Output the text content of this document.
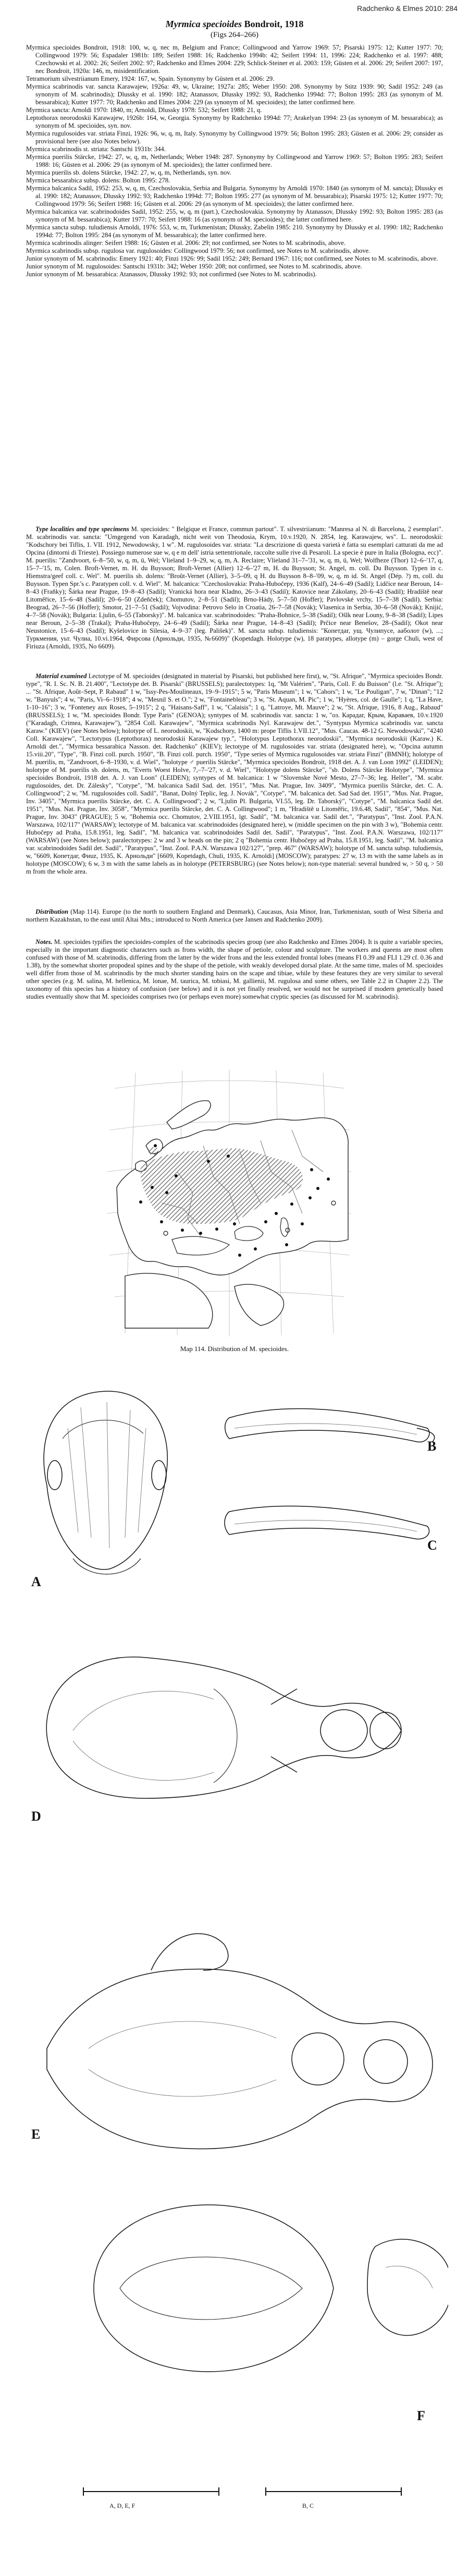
Radchenko & Elmes 2010: 284
Myrmica specioides Bondroit, 1918
(Figs 264–266)

Myrmica specioides Bondroit, 1918: 100, w, q, nec m, Belgium and France; Collingwood and Yarrow 1969: 57; Pisarski 1975: 12; Kutter 1977: 70; Collingwood 1979: 56; Espadaler 1981b: 189; Seifert 1988: 16; Radchenko 1994b: 42; Seifert 1994: 11, 1996: 224; Radchenko et al. 1997: 488; Czechowski et al. 2002: 26; Seifert 2002: 97; Radchenko and Elmes 2004: 229; Schlick-Steiner et al. 2003: 159; Güsten et al. 2006: 29; Seifert 2007: 197, nec Bondroit, 1920a: 146, m, misidentification.

Tetramorium silvestriianum Emery, 1924: 167, w, Spain. Synonymy by Güsten et al. 2006: 29.

Myrmica scabrinodis var. sancta Karawajew, 1926a: 49, w, Ukraine; 1927a: 285; Weber 1950: 208. Synonymy by Stitz 1939: 90; Sadil 1952: 249 (as synonym of M. scabrinodis); Dlussky et al. 1990: 182; Atanassov, Dlussky 1992: 93, Radchenko 1994d: 77; Bolton 1995: 283 (as synonym of M. bessarabica); Kutter 1977: 70; Radchenko and Elmes 2004: 229 (as synonym of M. specioides); the latter confirmed here.

Myrmica sancta: Arnoldi 1970: 1840, m; Arnoldi, Dlussky 1978: 532; Seifert 1988: 21, q.

Leptothorax neorodoskii Karawajew, 1926b: 164, w, Georgia. Synonymy by Radchenko 1994d: 77; Arakelyan 1994: 23 (as synonym of M. bessarabica); as synonym of M. specioides, syn. nov.

Myrmica rugulosoides var. striata Finzi, 1926: 96, w, q, m, Italy. Synonymy by Collingwood 1979: 56; Bolton 1995: 283; Güsten et al. 2006: 29; consider as provisional here (see also Notes below).

Myrmica scabrinodis st. striata: Santschi 1931b: 344.

Myrmica puerilis Stärcke, 1942: 27, w, q, m, Netherlands; Weber 1948: 287. Synonymy by Collingwood and Yarrow 1969: 57; Bolton 1995: 283; Seifert 1988: 16; Güsten et al. 2006: 29 (as synonym of M. specioides); the latter confirmed here.

Myrmica puerilis sb. dolens Stärcke, 1942: 27, w, q, m, Netherlands, syn. nov.

Myrmica bessarabica subsp. dolens: Bolton 1995: 278.

Myrmica balcanica Sadil, 1952: 253, w, q, m, Czechoslovakia, Serbia and Bulgaria. Synonymy by Arnoldi 1970: 1840 (as synonym of M. sancta); Dlussky et al. 1990: 182; Atanassov, Dlussky 1992: 93; Radchenko 1994d: 77; Bolton 1995: 277 (as synonym of M. bessarabica); Pisarski 1975: 12; Kutter 1977: 70; Collingwood 1979: 56; Seifert 1988: 16; Güsten et al. 2006: 29 (as synonym of M. specioides); the latter confirmed here.

Myrmica balcanica var. scabrinodoides Sadil, 1952: 255, w, q, m (part.), Czechoslovakia. Synonymy by Atanassov, Dlussky 1992: 93; Bolton 1995: 283 (as synonym of M. bessarabica); Kutter 1977: 70; Seifert 1988: 16 (as synonym of M. specioides); the latter confirmed here.

Myrmica sancta subsp. tuludiensis Arnoldi, 1976: 553, w, m, Turkmenistan; Dlussky, Zabelin 1985: 210. Synonymy by Dlussky et al. 1990: 182; Radchenko 1994d: 77; Bolton 1995: 284 (as synonym of M. bessarabica); the latter confirmed here.

Myrmica scabrinodis alinger: Seifert 1988: 16; Güsten et al. 2006: 29; not confirmed, see Notes to M. scabrinodis, above.

Myrmica scabrinodis subsp. rugulosa var. rugulosoides: Collingwood 1979: 56; not confirmed, see Notes to M. scabrinodis, above.

Junior synonym of M. scabrinodis: Emery 1921: 40; Finzi 1926: 99; Sadil 1952: 249; Bernard 1967: 116; not confirmed, see Notes to M. scabrinodis, above.

Junior synonym of M. rugulosoides: Santschi 1931b: 342; Weber 1950: 208; not confirmed, see Notes to M. scabrinodis, above.

Junior synonym of M. bessarabica: Atanassov, Dlussky 1992: 93; not confirmed (see Notes to M. scabrinodis).

Type localities and type specimens M. specioides: " Belgique et France, commun partout". T. silvestriianum: "Manresa al N. di Barcelona, 2 esemplari". M. scabrinodis var. sancta: "Umgegend von Karadagh, nicht weit von Theodosia, Krym, 10.v.1920, N. 2854, leg. Karawajew, ws". L. neorodoskii: "Kodschory bei Tiflis, 1. VII. 1912, Newodowsky, 1 w". M. rugulosoides var. striata: "La descrizione di questa varietà è fatta su esemplari catturati da me ad Opcina (dintorni di Trieste). Possiego numerose sue w, q e m dell' istria settentrionale, raccolte sulle rive di Pesaroli. La specie è pure in Italia (Bologna, ecc)". M. puerilis: "Zandvoort, 6–8–'50, w, q, m, ü, Wel; Vlieland 1–9–29, w, q, m, A. Reclaire; Vlieland 31–7–'31, w, q, m, ü, Wel; Wolfheze (Thor) 12–6–'17, q, 15–7–'15, m, Colen. Broft-Vernet, m. H. du Buysson; Broft-Vernet (Allier) 12–6–'27 m, H. du Buysson; St. Angel, m. coll. Du Buysson. Typen in c. Hiemstra/geef coll. c. Wel". M. puerilis sb. dolens: "Broût-Vernet (Allier), 3–5–09, q H. du Buysson 8–8–'09, w, q, m id. St. Angel (Dép. ?) m, coll. du Buysson. Typen Spr.'s c. Paratypen coll. v. d. Wiel". M. balcanica: "Czechoslovakia: Praha-Hubočepy, 1936 (Kalf), 24–6–49 (Sadil); Lidčice near Beroun, 14–8–43 (Fraňky); Šárka near Prague, 19–8–43 (Sadil); Vranická hora near Kladno, 26–3–43 (Sadil); Katovice near Zákolany, 20–6–43 (Sadil); Hradiště near Litoměřice, 15–6–48 (Sadil); 20–6–50 (Zdeňček); Chomutov, 2–8–51 (Sadil); Brno-Hády, 5–7–50 (Hoffer); Pavlovské vrchy, 15–7–38 (Sadil). Serbia: Beograd, 26–7–56 (Hoffer); Smotor, 21–7–51 (Sadil); Vojvodina: Petrovo Selo in Croatia, 26–7–58 (Novák); Vlasenica in Serbia, 30–6–58 (Novák); Knijić, 4–7–58 (Novák); Bulgaria: Ljulin, 6–55 (Taborsky)". M. balcanica var. scabrinodoides: "Praha-Bohnice, 5–38 (Sadil); Ošlk near Louny, 9–8–38 (Sadil); Lipes near Beroun, 2–5–38 (Trakal); Praha-Hubočepy, 24–6–49 (Sadil); Šárka near Prague, 14–8–43 (Sadil); Prčice near Benešov, 28–(Sadil); Okot near Neustonice, 15–6–43 (Sadil); Kyšelovice in Silesia, 4–9–37 (leg. Pališek)". M. sancta subsp. tuludiensis: "Копетдаг, ущ. Чулипусе, ааболот (w), ...; Туркмения, уьт. Чулиа, 10.vi.1964, Фирсова (Арнольди, 1935, №6609)" (Kopetdagh. Holotype (w), 18 paratypes, allotype (m) – gorge Chuli, west of Firiuza (Arnoldi, 1935, No 6609).

Material examined Lectotype of M. specioides (designated in material by Pisarski, but published here first), w, "St. Afrique", "Myrmica specioides Bondr. type", "R. I. Sc. N. B. 21.400", "Lectotype det. B. Pisarski" (BRUSSELS); paralectotypes: 1q, "Mt Valérien", "Paris, Coll. F. du Buisson" (l.e. "St. Afrique"); ... "St. Afrique, Août–Sept, P. Rabaud" 1 w, "Issy-Pes-Moulineaux, 19–9–1915"; 5 w, "Paris Museum"; 1 w, "Cahors"; 1 w, "Le Pouligan", 7 w, "Dinan"; "12 w, "Banyuls"; 4 w, "Paris, Vi–6–1918"; 4 w, "Mesnil S. et O."; 2 w, "Fontainebleau"; 3 w, "St. Aquan, M. Pic"; 1 w, "Hyères, col. de Gaulle"; 1 q, "La Have, 1-10–16"; 3 w, "Fonteney aux Roses, 5–1915"; 2 q, "Haisans-Saff", 1 w, "Calaisis"; 1 q, "Latroye, Mt. Mauve"; 2 w, "St. Afrique, 1916, 8 Aug., Rabaud" (BRUSSELS); 1 w, "M. specioides Bondr. Type Paris" (GENOA); syntypes of M. scabrinodis var. sancta: 1 w, "оз. Карадаг, Крым, Караваев, 10.v.1920 ("Karadagh, Crimea, Karawajew"), "2854 Coll. Karawajew", "Myrmica scabrinodis Nyl. Karawajew det.", "Syntypus Myrmica scabrinodis var. sancta Karaw." (KIEV) (see Notes below); holotype of L. neorodoskii, w, "Kodschory, 1400 m: prope Tiflis 1.VII.12", "Mus. Caucas. 48-12 G. Newodowski", "4240 Coll. Karawajew", "Lectotypus (Leptothorax) neorodoskii Karawajew typ.", "Holotypus Leptothorax neorodoskii", "Myrmica neorodoskii (Karaw.) K. Arnoldi det.", "Myrmica bessarabica Nasson. det. Radchenko" (KIEV); lectotype of M. rugulosoides var. striata (designated here), w, "Opcina autumn 15.viii.20", "Type", "B. Finzi coll. purch. 1950", "B. Finzi coll. purch. 1950", "Type series of Myrmica rugulosoides var. striata Finzi" (BMNH); holotype of M. puerilis, m, "Zandvoort, 6–8–1930, v. d. Wiel", "holotype ♂ puerilis Stärcke", "Myrmica specioides Bondroit, 1918 det. A. J. van Loon 1992" (LEIDEN); holotype of M. puerilis sb. dolens, m, "Everts Woest Holve, 7,–7–'27, v. d. Wiel", "Holotype dolens Stärcke", "sb. Dolens Stärcke Holotype", "Myrmica specioides Bondroit, 1918 det. A. J. van Loon" (LEIDEN); syntypes of M. balcanica: 1 w "Slovenske Nové Mesto, 27–7–36; leg. Heller", "M. scabr. rugulosoides, det. Dr. Zálesky", "Cotype", "M. balcanica Sadil Sad. det. 1951", "Mus. Nat. Prague, Inv. 3409", "Myrmica puerilis Stärcke, det. C. A. Collingwood"; 2 w, "M. rugulosoides coll. Sadil", "Banat, Dolný Teplic, leg. J. Novák", "Cotype", "M. balcanica det. Sad Sad det. 1951", "Mus. Nat. Prague, Inv. 3405", "Myrmica puerilis Stärcke, det. C. A. Collingwood"; 2 w, "Ljulin Pl. Bulgaria, VI.55, leg. Dr. Taborský", "Cotype", "M. balcanica Sadil det. 1951", "Mus. Nat. Prague, Inv. 3058", "Myrmica puerilis Stärcke, det. C. A. Collingwood"; 1 m, "Hradiště u Litoměřic, 19.6.48, Sadil", "854", "Mus. Nat. Prague, Inv. 3043" (PRAGUE); 5 w, "Bohemia occ. Chomutov, 2.VIII.1951, lgt. Sadil", "M. balcanica var. Sadil det.", "Paratypus", "Inst. Zool. P.A.N. Warszawa, 102/117" (WARSAW); lectotype of M. balcanica var. scabrinodoides (designated here), w (middle specimen on the pin with 3 w), "Bohemia centr. Hubočepy ad Praha, 15.8.1951, leg. Sadil", "M. balcanica var. scabrinodoides Sadil det. Sadil", "Paratypus", "Inst. Zool. P.A.N. Warszawa, 102/117" (WARSAW) (see Notes below); paralectotypes: 2 w and 3 w heads on the pin; 2 q "Bohemia centr. Hubočepy ad Praha, 15.8.1951, leg. Sadil", "M. balcanica var. scabrinodoides Sadil det. Sadil", "Paratypus", "Inst. Zool. P.A.N. Warszawa 102/127", "prep. 467" (WARSAW); holotype of M. sancta subsp. tuludiensis, w, "6609, Копетдаг, Фиuz, 1935, K. Арнольди" [6609, Kopetdagh, Chuli, 1935, K. Arnoldi] (MOSCOW); paratypes: 27 w, 13 m with the same labels as in holotype (MOSCOW); 6 w, 3 m with the same labels as in holotype (PETERSBURG) (see Notes below); non-type material: several hundred w, > 50 q, > 50 m from the whole area.

Distribution (Map 114). Europe (to the north to southern England and Denmark), Caucasus, Asia Minor, Iran, Turkmenistan, south of West Siberia and northern Kazakhstan, to the east until Altai Mts.; introduced to North America (see Jansen and Radchenko 2009).

Notes. M. specioides typifies the specioides-complex of the scabrinodis species group (see also Radchenko and Elmes 2004). It is quite a variable species, especially in the important diagnostic characters such as frons width, the shape of petiole, colour and sculpture. The workers and queens are most often confused with those of M. scabrinodis, differing from the latter by the wider frons and the less extended frontal lobes (means FI 0.39 and FLI 1.29 cf. 0.36 and 1.38), by the somewhat shorter propodeal spines and by the shape of the petiole, with weakly developed dorsal plate. At the same time, males of M. specioides well differ from those of M. scabrinodis by the much shorter standing hairs on the scape and tibiae, while by these features they are very similar to several other species (e.g. M. salina, M. hellenica, M. lonae, M. taurica, M. tobiasi, M. gallienii, M. rugulosa and some others, see Table 2.2 in Chapter 2.2). The taxonomy of this species has a history of confusion (see below) and it is not yet finally resolved, we would not be surprised if modern genetically based studies eventually show that M. specioides comprises two (or perhaps even more) somewhat cryptic species (as discussed for M. scabrinodis).

Map 114. Distribution of M. specioides.
A
B
C
D
E
F
A, D, E, F	B, C
